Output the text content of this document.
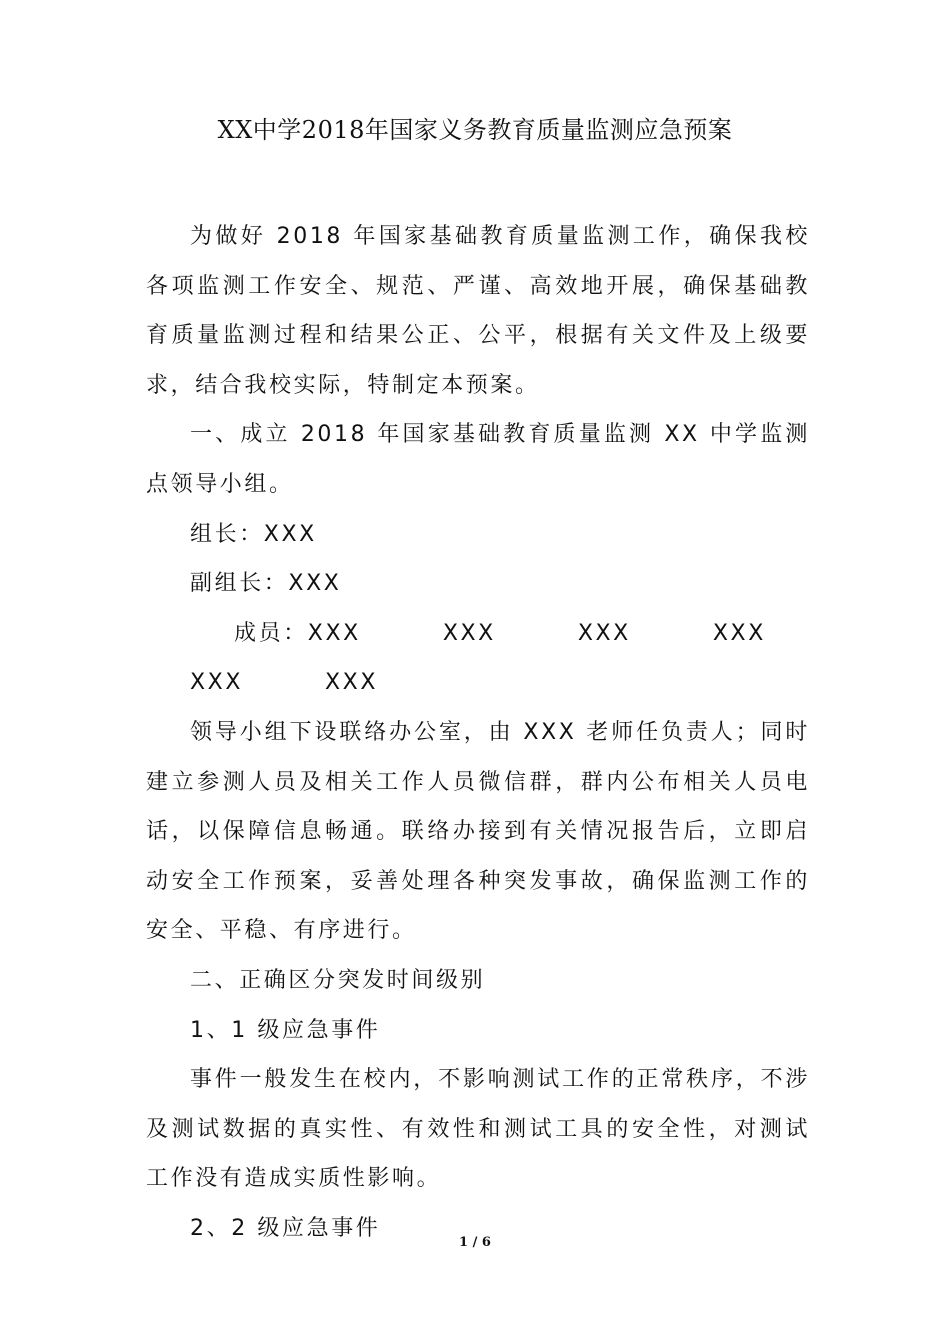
XX中学2018年国家义务教育质量监测应急预案

为做好 2018 年国家基础教育质量监测工作，确保我校各项监测工作安全、规范、严谨、高效地开展，确保基础教育质量监测过程和结果公正、公平，根据有关文件及上级要求，结合我校实际，特制定本预案。

一、成立 2018 年国家基础教育质量监测 XX 中学监测点领导小组。

组长：XXX

副组长：XXX

成员：XXX	XXX	XXX	XXXXXX	XXX

领导小组下设联络办公室，由 XXX 老师任负责人；同时建立参测人员及相关工作人员微信群，群内公布相关人员电话，以保障信息畅通。联络办接到有关情况报告后，立即启动安全工作预案，妥善处理各种突发事故，确保监测工作的安全、平稳、有序进行。

二、正确区分突发时间级别

1、1 级应急事件

事件一般发生在校内，不影响测试工作的正常秩序，不涉及测试数据的真实性、有效性和测试工具的安全性，对测试工作没有造成实质性影响。

2、2 级应急事件

1 / 6
